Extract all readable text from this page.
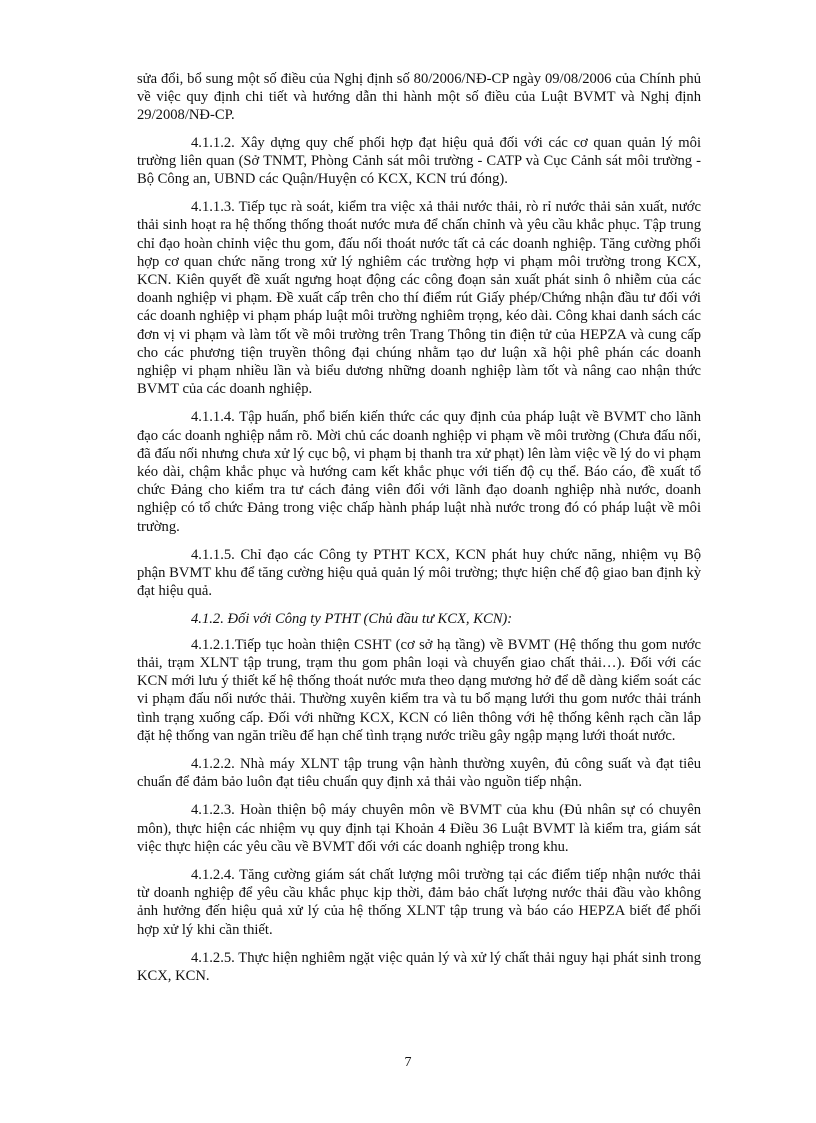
sửa đổi, bổ sung một số điều của Nghị định số 80/2006/NĐ-CP ngày 09/08/2006 của Chính phủ về việc quy định chi tiết và hướng dẫn thi hành một số điều của Luật BVMT và Nghị định 29/2008/NĐ-CP.

4.1.1.2. Xây dựng quy chế phối hợp đạt hiệu quả đối với các cơ quan quản lý môi trường liên quan (Sở TNMT, Phòng Cảnh sát môi trường - CATP và Cục Cảnh sát môi trường - Bộ Công an, UBND các Quận/Huyện có KCX, KCN trú đóng).

4.1.1.3. Tiếp tục rà soát, kiểm tra việc xả thải nước thải, rò rỉ nước thải sản xuất, nước thải sinh hoạt ra hệ thống thống thoát nước mưa để chấn chỉnh và yêu cầu khắc phục. Tập trung chỉ đạo hoàn chỉnh việc thu gom, đấu nối thoát nước tất cả các doanh nghiệp. Tăng cường phối hợp cơ quan chức năng trong xử lý nghiêm các trường hợp vi phạm môi trường trong KCX, KCN. Kiên quyết đề xuất ngưng hoạt động các công đoạn sản xuất phát sinh ô nhiễm của các doanh nghiệp vi phạm. Đề xuất cấp trên cho thí điểm rút Giấy phép/Chứng nhận đầu tư đối với các doanh nghiệp vi phạm pháp luật môi trường nghiêm trọng, kéo dài. Công khai danh sách các đơn vị vi phạm và làm tốt về môi trường trên Trang Thông tin điện tử của HEPZA và cung cấp cho các phương tiện truyền thông đại chúng nhằm tạo dư luận xã hội phê phán các doanh nghiệp vi phạm nhiều lần và biểu dương những doanh nghiệp làm tốt và nâng cao nhận thức BVMT của các doanh nghiệp.

4.1.1.4. Tập huấn, phổ biến kiến thức các quy định của pháp luật về BVMT cho lãnh đạo các doanh nghiệp nắm rõ. Mời chủ các doanh nghiệp vi phạm về môi trường (Chưa đấu nối, đã đấu nối nhưng chưa xử lý cục bộ, vi phạm bị thanh tra xử phạt) lên làm việc về lý do vi phạm kéo dài, chậm khắc phục và hướng cam kết khắc phục với tiến độ cụ thể. Báo cáo, đề xuất tổ chức Đảng cho kiểm tra tư cách đảng viên đối với lãnh đạo doanh nghiệp nhà nước, doanh nghiệp có tổ chức Đảng trong việc chấp hành pháp luật nhà nước trong đó có pháp luật về môi trường.

4.1.1.5. Chỉ đạo các Công ty PTHT KCX, KCN phát huy chức năng, nhiệm vụ Bộ phận BVMT khu để tăng cường hiệu quả quản lý môi trường; thực hiện chế độ giao ban định kỳ đạt hiệu quả.

4.1.2. Đối với Công ty PTHT (Chủ đầu tư KCX, KCN):

4.1.2.1.Tiếp tục hoàn thiện CSHT (cơ sở hạ tầng) về BVMT (Hệ thống thu gom nước thải, trạm XLNT tập trung, trạm thu gom phân loại và chuyển giao chất thải…). Đối với các KCN mới lưu ý thiết kế hệ thống thoát nước mưa theo dạng mương hở để dễ dàng kiểm soát các vi phạm đấu nối nước thải. Thường xuyên kiểm tra và tu bổ mạng lưới thu gom nước thải tránh tình trạng xuống cấp. Đối với những KCX, KCN có liên thông với hệ thống kênh rạch cần lắp đặt hệ thống van ngăn triều để hạn chế tình trạng nước triều gây ngập mạng lưới thoát nước.

4.1.2.2. Nhà máy XLNT tập trung vận hành thường xuyên, đủ công suất và đạt tiêu chuẩn để đảm bảo luôn đạt tiêu chuẩn quy định xả thải vào nguồn tiếp nhận.

4.1.2.3. Hoàn thiện bộ máy chuyên môn về BVMT của khu (Đủ nhân sự có chuyên môn), thực hiện các nhiệm vụ quy định tại Khoản 4 Điều 36 Luật BVMT là kiểm tra, giám sát việc thực hiện các yêu cầu về BVMT đối với các doanh nghiệp trong khu.

4.1.2.4. Tăng cường giám sát chất lượng môi trường tại các điểm tiếp nhận nước thải từ doanh nghiệp để yêu cầu khắc phục kịp thời, đảm bảo chất lượng nước thải đầu vào không ảnh hưởng đến hiệu quả xử lý của hệ thống XLNT tập trung và báo cáo HEPZA biết để phối hợp xử lý khi cần thiết.

4.1.2.5. Thực hiện nghiêm ngặt việc quản lý và xử lý chất thải nguy hại phát sinh trong KCX, KCN.

7
